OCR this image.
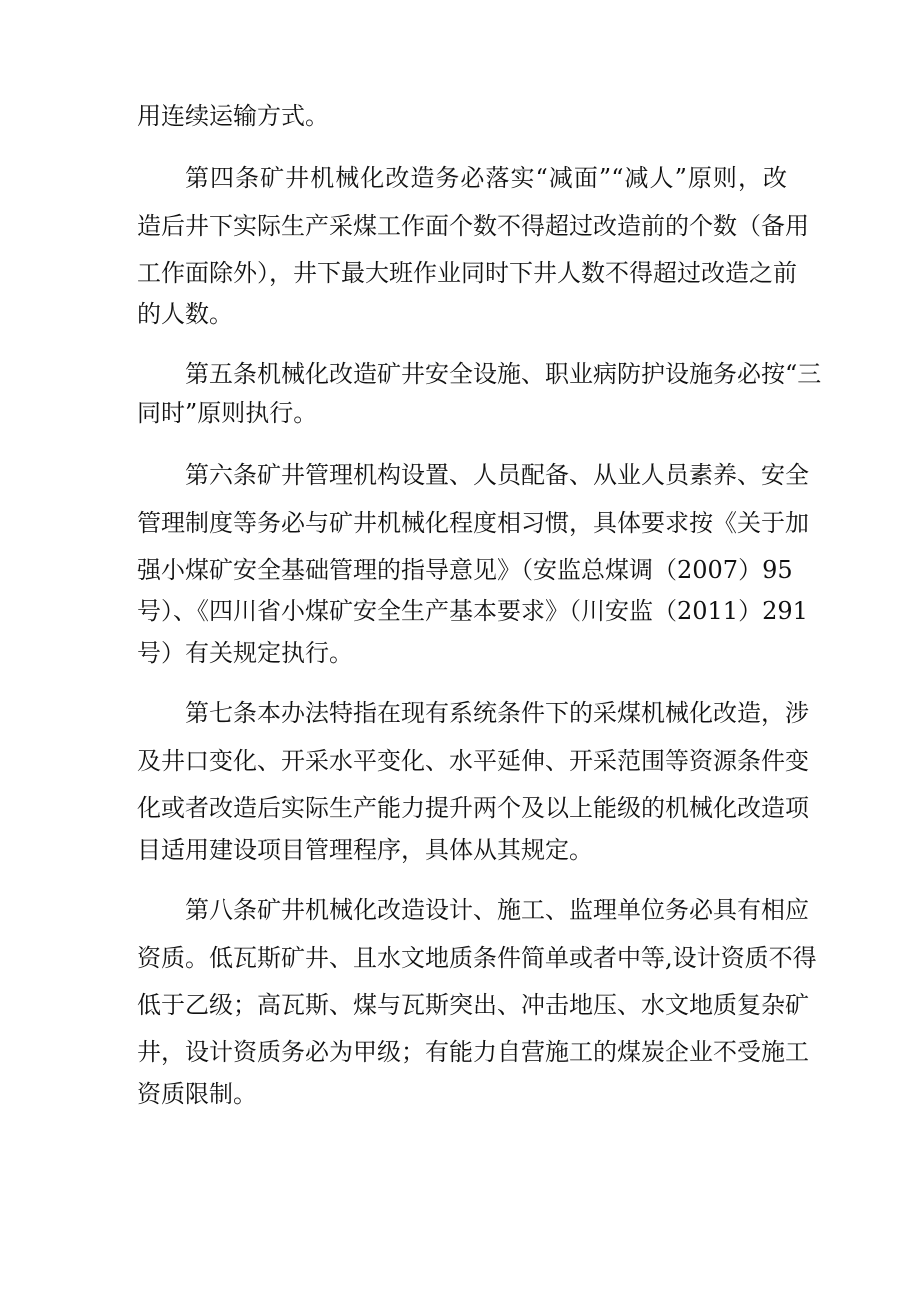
用连续运输方式。
第四条矿井机械化改造务必落实“减面”“减人”原则，改
造后井下实际生产采煤工作面个数不得超过改造前的个数（备用
工作面除外），井下最大班作业同时下井人数不得超过改造之前
的人数。
第五条机械化改造矿井安全设施、职业病防护设施务必按“三
同时”原则执行。
第六条矿井管理机构设置、人员配备、从业人员素养、安全
管理制度等务必与矿井机械化程度相习惯，具体要求按《关于加
强小煤矿安全基础管理的指导意见》（安监总煤调（2007）95
号）、《四川省小煤矿安全生产基本要求》（川安监（2011）291
号）有关规定执行。
第七条本办法特指在现有系统条件下的采煤机械化改造，涉
及井口变化、开采水平变化、水平延伸、开采范围等资源条件变
化或者改造后实际生产能力提升两个及以上能级的机械化改造项
目适用建设项目管理程序，具体从其规定。
第八条矿井机械化改造设计、施工、监理单位务必具有相应
资质。低瓦斯矿井、且水文地质条件简单或者中等,设计资质不得
低于乙级；高瓦斯、煤与瓦斯突出、冲击地压、水文地质复杂矿
井，设计资质务必为甲级；有能力自营施工的煤炭企业不受施工
资质限制。
